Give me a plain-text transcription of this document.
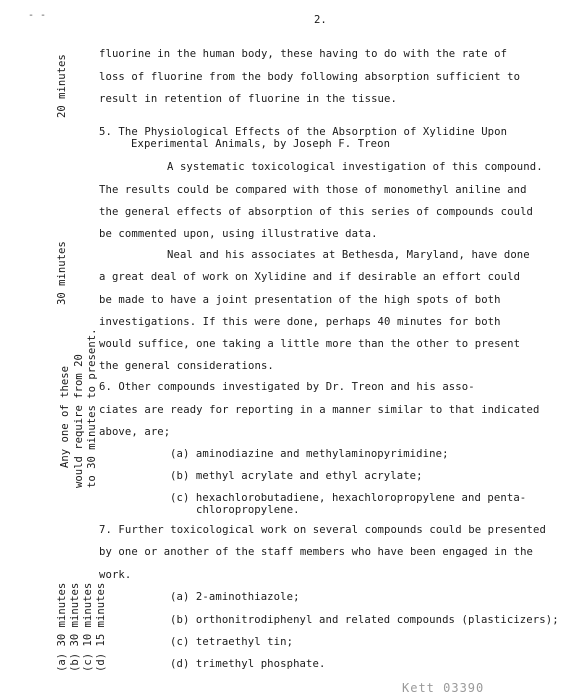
- -	2.
fluorine in the human body, these having to do with the rate of
loss of fluorine from the body following absorption sufficient to
result in retention of fluorine in the tissue.
5. The Physiological Effects of the Absorption of Xylidine Upon
Experimental Animals, by Joseph F. Treon
A systematic toxicological investigation of this compound.
The results could be compared with those of monomethyl aniline and
the general effects of absorption of this series of compounds could
be commented upon, using illustrative data.
Neal and his associates at Bethesda, Maryland, have done
a great deal of work on Xylidine and if desirable an effort could
be made to have a joint presentation of the high spots of both
investigations. If this were done, perhaps 40 minutes for both
would suffice, one taking a little more than the other to present
the general considerations.
6. Other compounds investigated by Dr. Treon and his asso-
ciates are ready for reporting in a manner similar to that indicated
above, are;
(a) aminodiazine and methylaminopyrimidine;
(b) methyl acrylate and ethyl acrylate;
(c) hexachlorobutadiene, hexachloropropylene and penta-
chloropropylene.
7. Further toxicological work on several compounds could be presented
by one or another of the staff members who have been engaged in the
work.
(a) 2-aminothiazole;
(b) orthonitrodiphenyl and related compounds (plasticizers);
(c) tetraethyl tin;
(d) trimethyl phosphate.
20 minutes
30 minutes
Any one of these would require from 20 to 30 minutes to present.
(a) 30 minutes (b) 30 minutes (c) 10 minutes (d) 15 minutes
Kett 03390
